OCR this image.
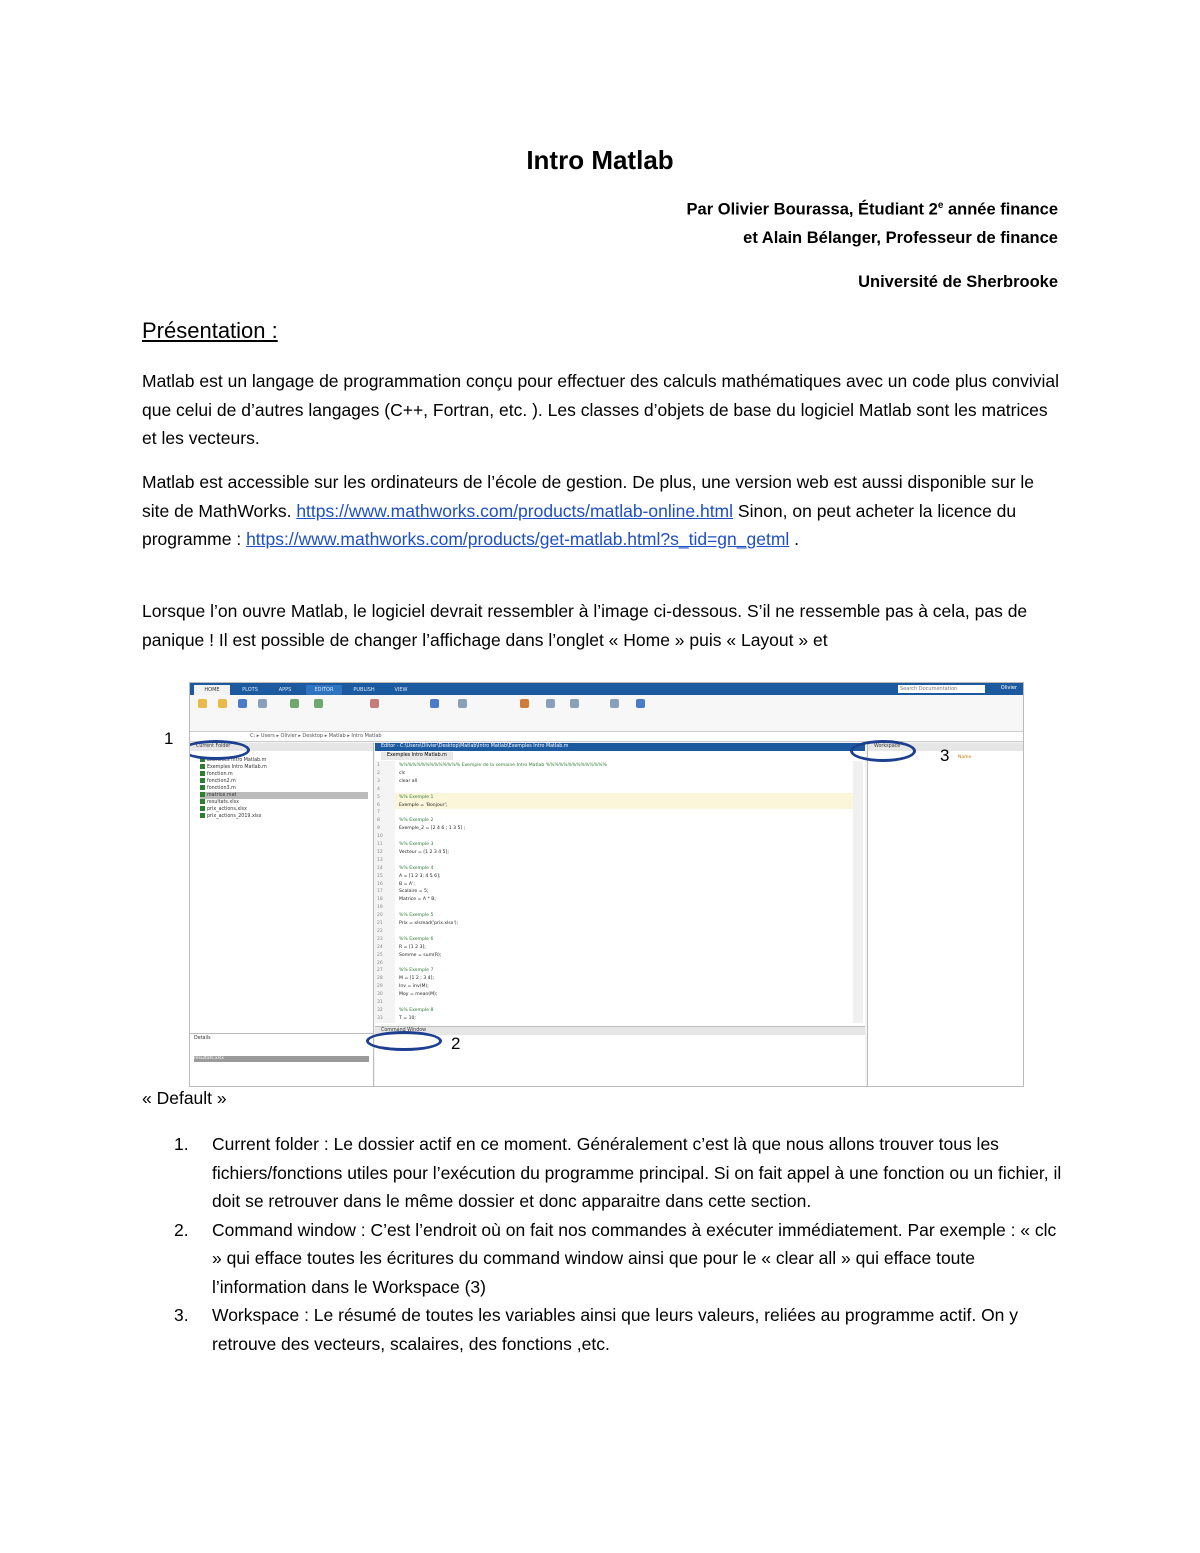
Intro Matlab
Par Olivier Bourassa, Étudiant 2e année finance
et Alain Bélanger, Professeur de finance
Université de Sherbrooke
Présentation :
Matlab est un langage de programmation conçu pour effectuer des calculs mathématiques avec un code plus convivial que celui de d’autres langages (C++, Fortran, etc. ). Les classes d’objets de base du logiciel Matlab sont les matrices et les vecteurs.
Matlab est accessible sur les ordinateurs de l’école de gestion. De plus, une version web est aussi disponible sur le site de MathWorks. https://www.mathworks.com/products/matlab-online.html Sinon, on peut acheter la licence du programme : https://www.mathworks.com/products/get-matlab.html?s_tid=gn_getml .
Lorsque l’on ouvre Matlab, le logiciel devrait ressembler à l’image ci-dessous. S’il ne ressemble pas à cela, pas de panique ! Il est possible de changer l’affichage dans l’onglet « Home » puis « Layout » et
HOME	PLOTS	APPS	EDITOR	PUBLISH	VIEW	Search Documentation	Olivier
C: ▸ Users ▸ Olivier ▸ Desktop ▸ Matlab ▸ Intro Matlab
Current Folder
Exercices Intro Matlab.m
Exemples Intro Matlab.m
fonction.m
fonction2.m
fonction3.m
matrice.mat
resultats.xlsx
prix_actions.xlsx
prix_actions_2019.xlsx
Details
resultats.xlsx
Editor - C:\Users\Olivier\Desktop\Matlab\Intro Matlab\Exemples Intro Matlab.m
Exemples Intro Matlab.m
1
2
3
4
5
6
7
8
9
10
11
12
13
14
15
16
17
18
19
20
21
22
23
24
25
26
27
28
29
30
31
32
33
%%%%%%%%%%%%%% Exemple de la semaine Intro Matlab %%%%%%%%%%%%%%
clc
clear all
%% Exemple 1
Exemple = 'Bonjour';
%% Exemple 2
Exemple_2 = [2 4 6 ; 1 3 5] ;
%% Exemple 3
Vecteur = [1 2 3 4 5];
%% Exemple 4
A = [1 2 3; 4 5 6];
B = A';
Scalaire = 5;
Matrice = A * B;
%% Exemple 5
Prix = xlsread('prix.xlsx');
%% Exemple 6
R = [1 2 3];
Somme = sum(R);
%% Exemple 7
M = [1 2 ; 3 4];
Inv = inv(M);
Moy = mean(M);
%% Exemple 8
T = 10;
Command Window
Workspace
Name
1
2
3
« Default »
1. Current folder : Le dossier actif en ce moment. Généralement c’est là que nous allons trouver tous les fichiers/fonctions utiles pour l’exécution du programme principal. Si on fait appel à une fonction ou un fichier, il doit se retrouver dans le même dossier et donc apparaitre dans cette section.
2. Command window : C’est l’endroit où on fait nos commandes à exécuter immédiatement. Par exemple : « clc » qui efface toutes les écritures du command window ainsi que pour le « clear all » qui efface toute l’information dans le Workspace (3)
3. Workspace : Le résumé de toutes les variables ainsi que leurs valeurs, reliées au programme actif. On y retrouve des vecteurs, scalaires, des fonctions ,etc.
